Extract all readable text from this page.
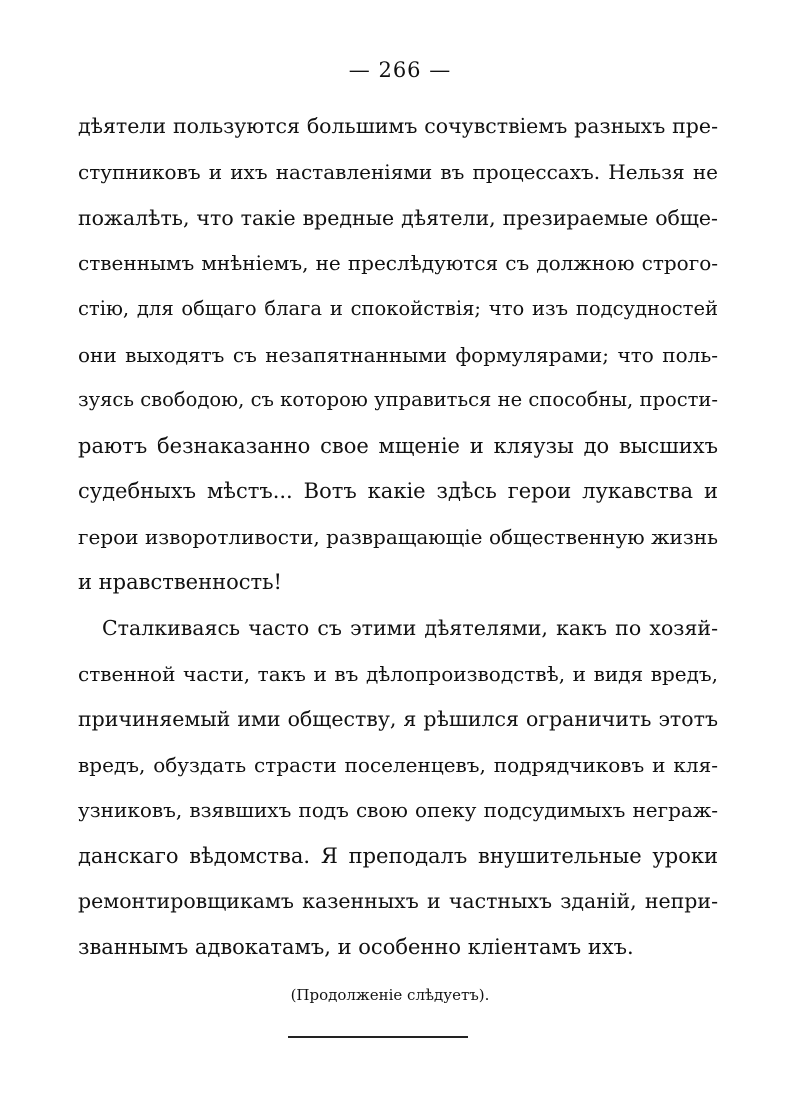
— 266 —
дѣятели пользуются большимъ сочувствіемъ разныхъ пре-
ступниковъ и ихъ наставленіями въ процессахъ. Нельзя не
пожалѣть, что такіе вредные дѣятели, презираемые обще-
ственнымъ мнѣніемъ, не преслѣдуются съ должною строго-
стію, для общаго блага и спокойствія; что изъ подсудностей
они выходятъ съ незапятнанными формулярами; что поль-
зуясь свободою, съ которою управиться не способны, прости-
раютъ безнаказанно свое мщеніе и кляузы до высшихъ
судебныхъ мѣстъ... Вотъ какіе здѣсь герои лукавства и
герои изворотливости, развращающіе общественную жизнь
и нравственность!
Сталкиваясь часто съ этими дѣятелями, какъ по хозяй-
ственной части, такъ и въ дѣлопроизводствѣ, и видя вредъ,
причиняемый ими обществу, я рѣшился ограничить этотъ
вредъ, обуздать страсти поселенцевъ, подрядчиковъ и кля-
узниковъ, взявшихъ подъ свою опеку подсудимыхъ неграж-
данскаго вѣдомства. Я преподалъ внушительные уроки
ремонтировщикамъ казенныхъ и частныхъ зданій, непри-
званнымъ адвокатамъ, и особенно кліентамъ ихъ.
(Продолженіе слѣдуетъ).
